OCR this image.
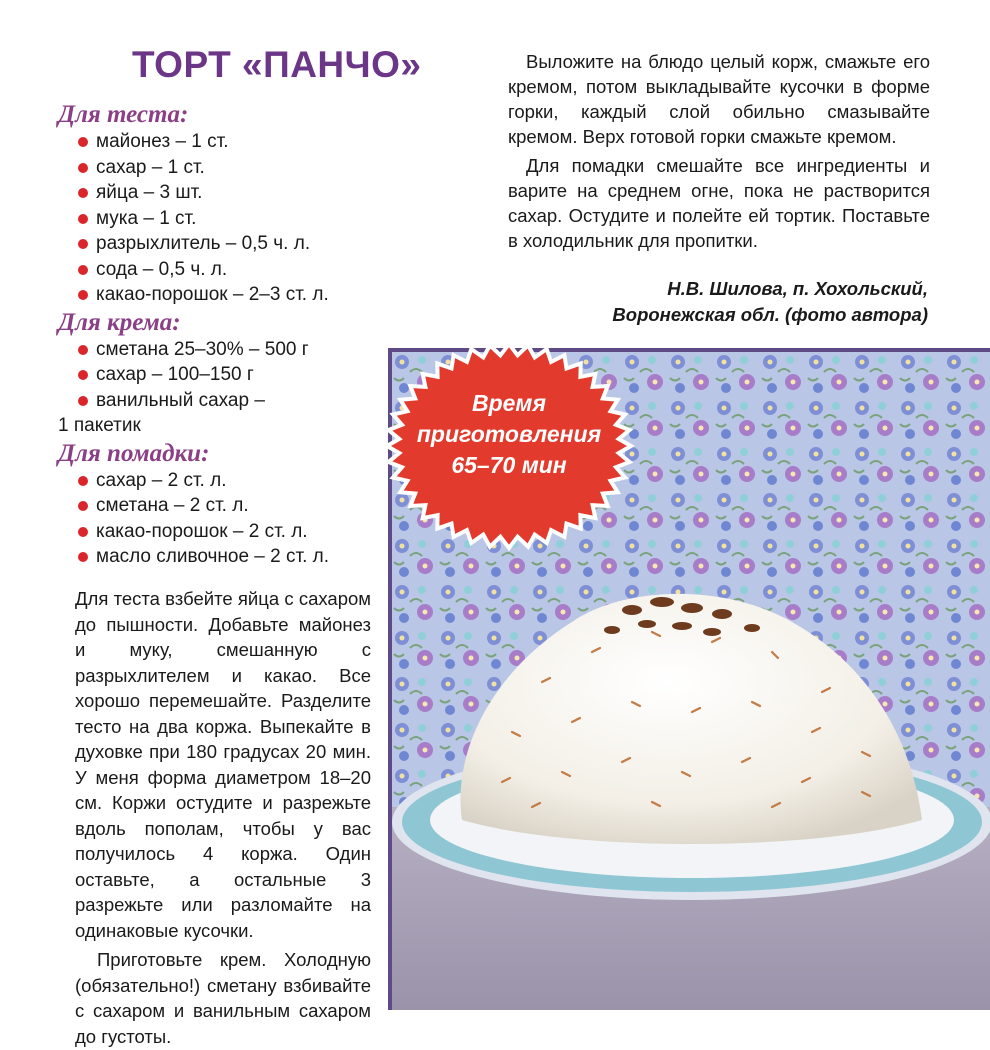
ТОРТ «ПАНЧО»
Для теста:
майонез – 1 ст.
сахар – 1 ст.
яйца – 3 шт.
мука – 1 ст.
разрыхлитель – 0,5 ч. л.
сода – 0,5 ч. л.
какао-порошок – 2–3 ст. л.
Для крема:
сметана 25–30% – 500 г
сахар – 100–150 г
ванильный сахар –
1 пакетик
Для помадки:
сахар – 2 ст. л.
сметана – 2 ст. л.
какао-порошок – 2 ст. л.
масло сливочное – 2 ст. л.

Для теста взбейте яйца с сахаром до пышности. Добавьте майонез и муку, смешанную с разрыхлителем и какао. Все хорошо перемешайте. Разделите тесто на два коржа. Выпекайте в духовке при 180 градусах 20 мин. У меня форма диаметром 18–20 см. Коржи остудите и разрежьте вдоль пополам, чтобы у вас получилось 4 коржа. Один оставьте, а остальные 3 разрежьте или разломайте на одинаковые кусочки.

Приготовьте крем. Холодную (обязательно!) сметану взбивайте с сахаром и ванильным сахаром до густоты.

Выложите на блюдо целый корж, смажьте его кремом, потом выкладывайте кусочки в форме горки, каждый слой обильно смазывайте кремом. Верх готовой горки смажьте кремом.

Для помадки смешайте все ингредиенты и варите на среднем огне, пока не растворится сахар. Остудите и полейте ей тортик. Поставьте в холодильник для пропитки.

Н.В. Шилова, п. Хохольский,
Воронежская обл. (фото автора)
Время
приготовления
65–70 мин
